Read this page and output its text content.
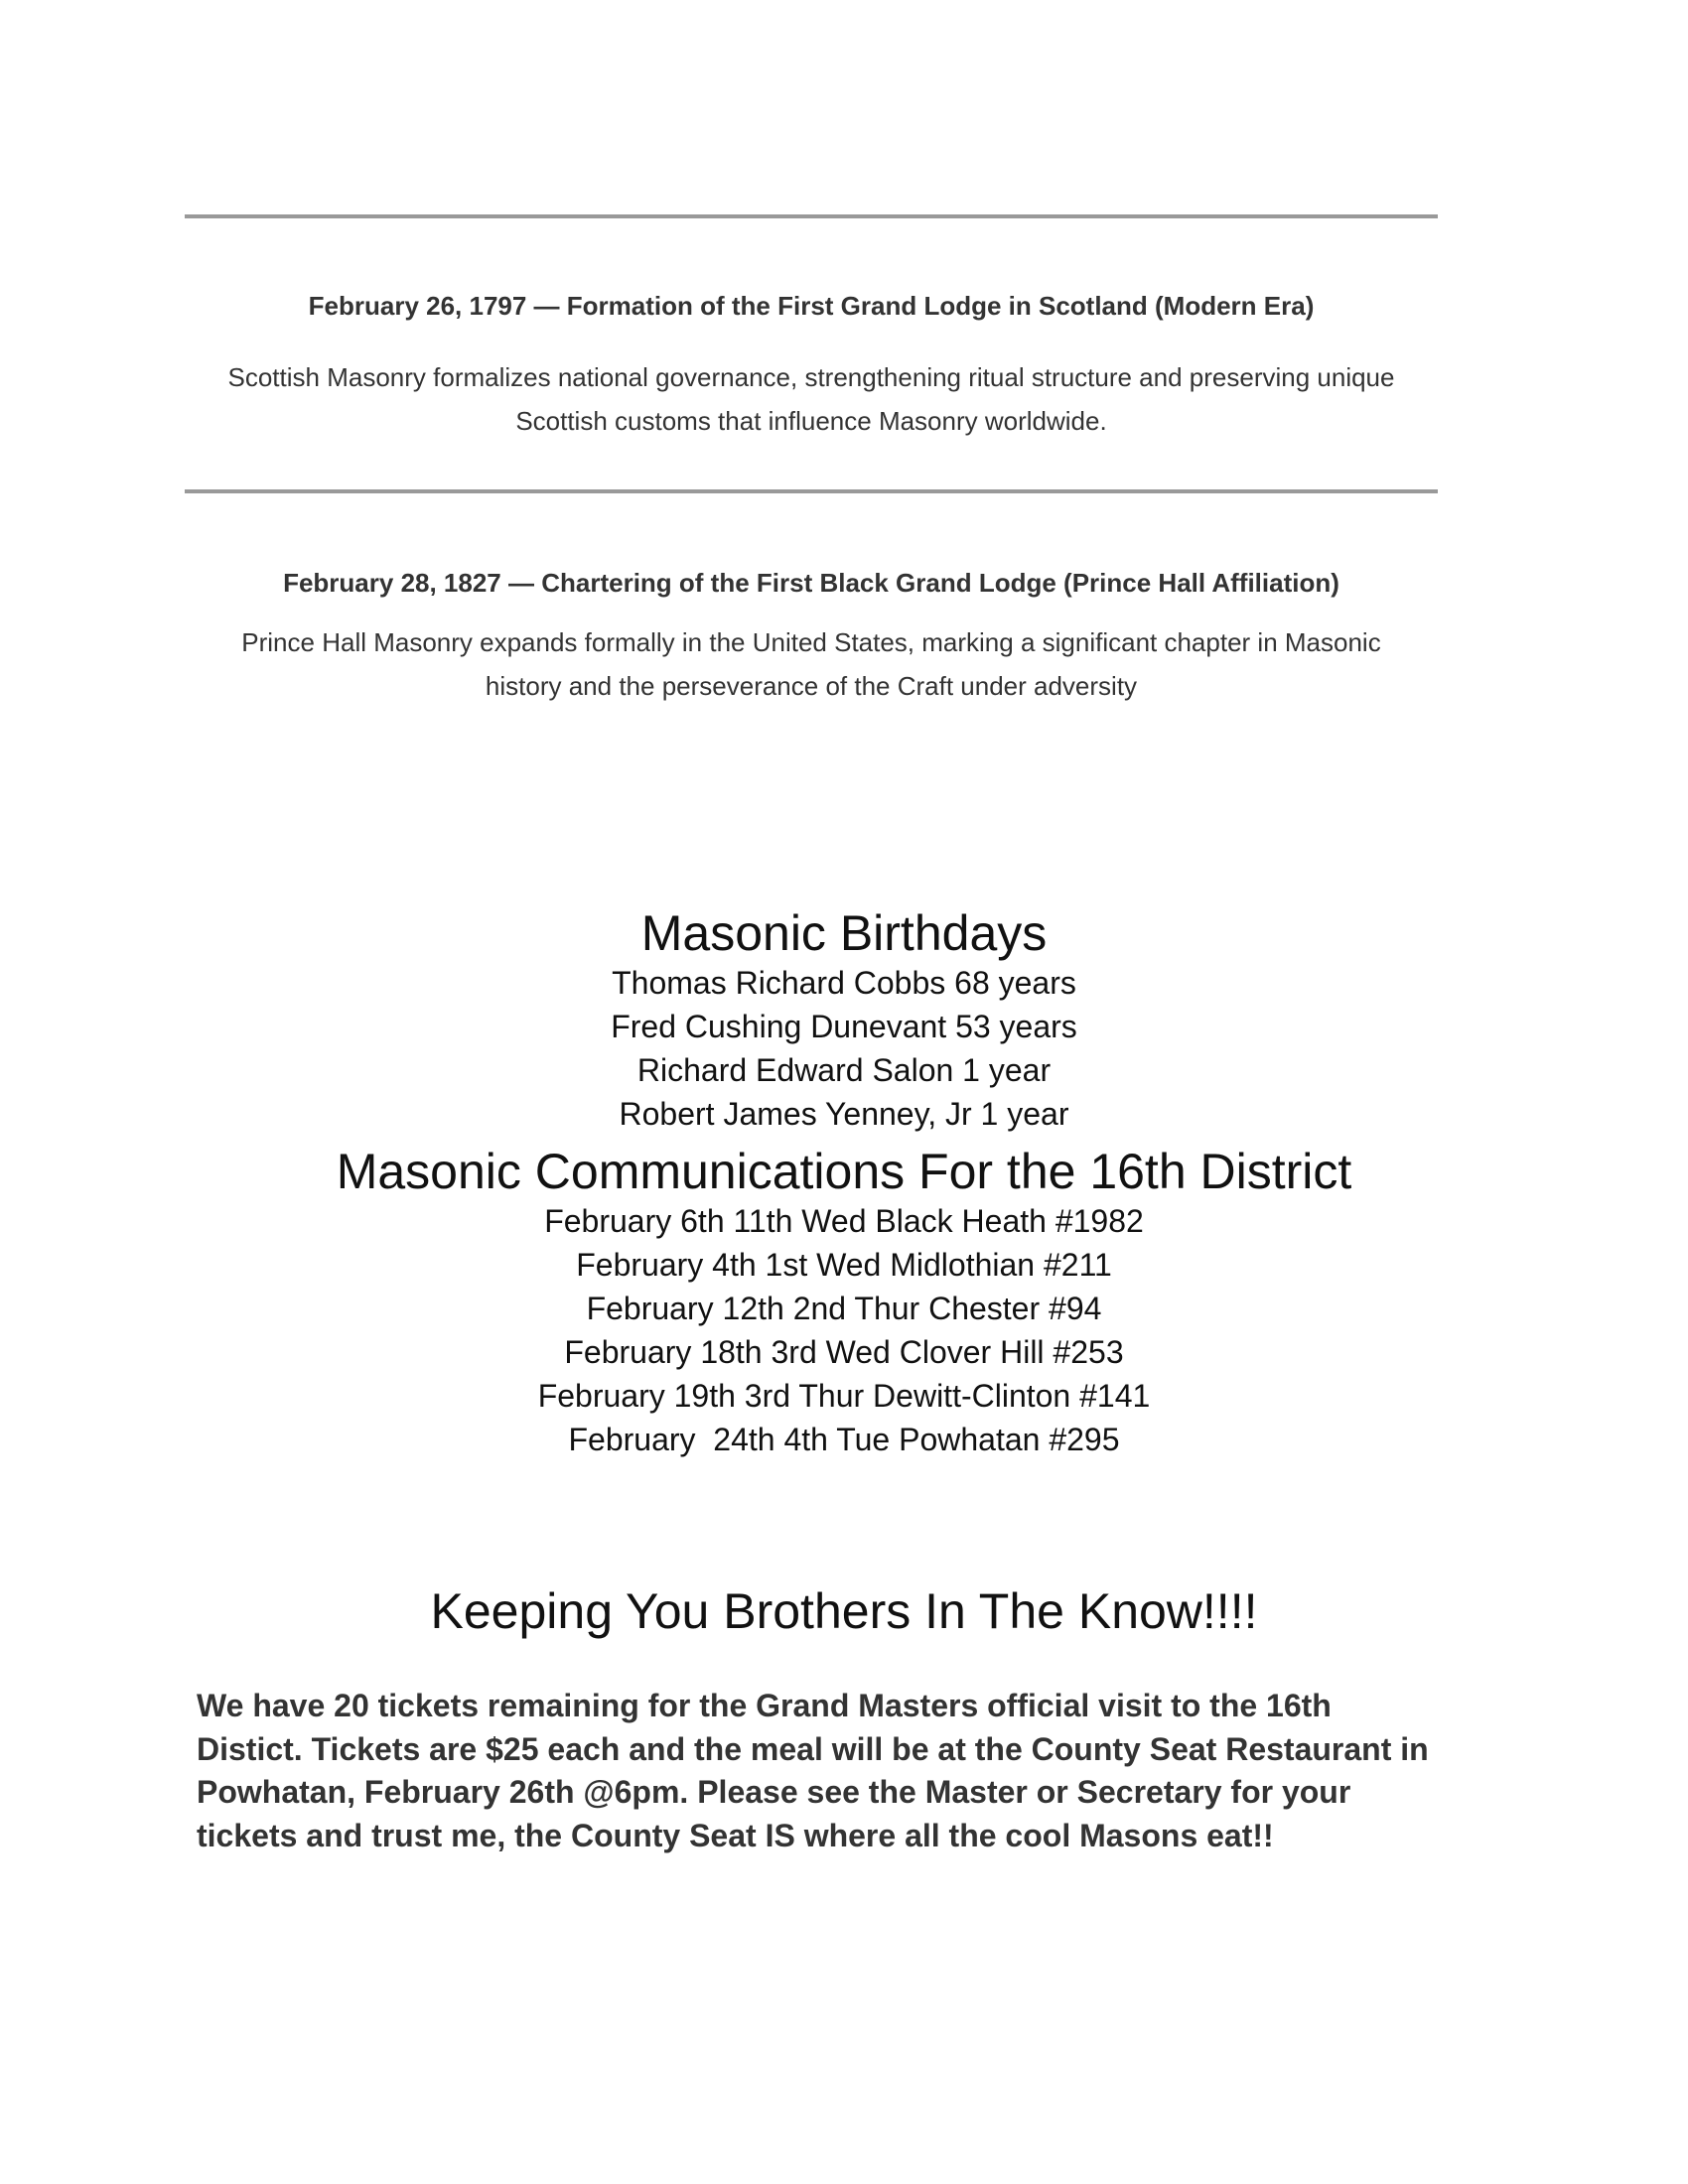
February 26, 1797 — Formation of the First Grand Lodge in Scotland (Modern Era)
Scottish Masonry formalizes national governance, strengthening ritual structure and preserving unique
Scottish customs that influence Masonry worldwide.
February 28, 1827 — Chartering of the First Black Grand Lodge (Prince Hall Affiliation)
Prince Hall Masonry expands formally in the United States, marking a significant chapter in Masonic
history and the perseverance of the Craft under adversity
Masonic Birthdays
Thomas Richard Cobbs 68 years
Fred Cushing Dunevant 53 years
Richard Edward Salon 1 year
Robert James Yenney, Jr 1 year
Masonic Communications For the 16th District
February 6th 11th Wed Black Heath #1982
February 4th 1st Wed Midlothian #211
February 12th 2nd Thur Chester #94
February 18th 3rd Wed Clover Hill #253
February 19th 3rd Thur Dewitt-Clinton #141
February  24th 4th Tue Powhatan #295
Keeping You Brothers In The Know!!!!
We have 20 tickets remaining for the Grand Masters official visit to the 16th
Distict. Tickets are $25 each and the meal will be at the County Seat Restaurant in
Powhatan, February 26th @6pm. Please see the Master or Secretary for your
tickets and trust me, the County Seat IS where all the cool Masons eat!!
